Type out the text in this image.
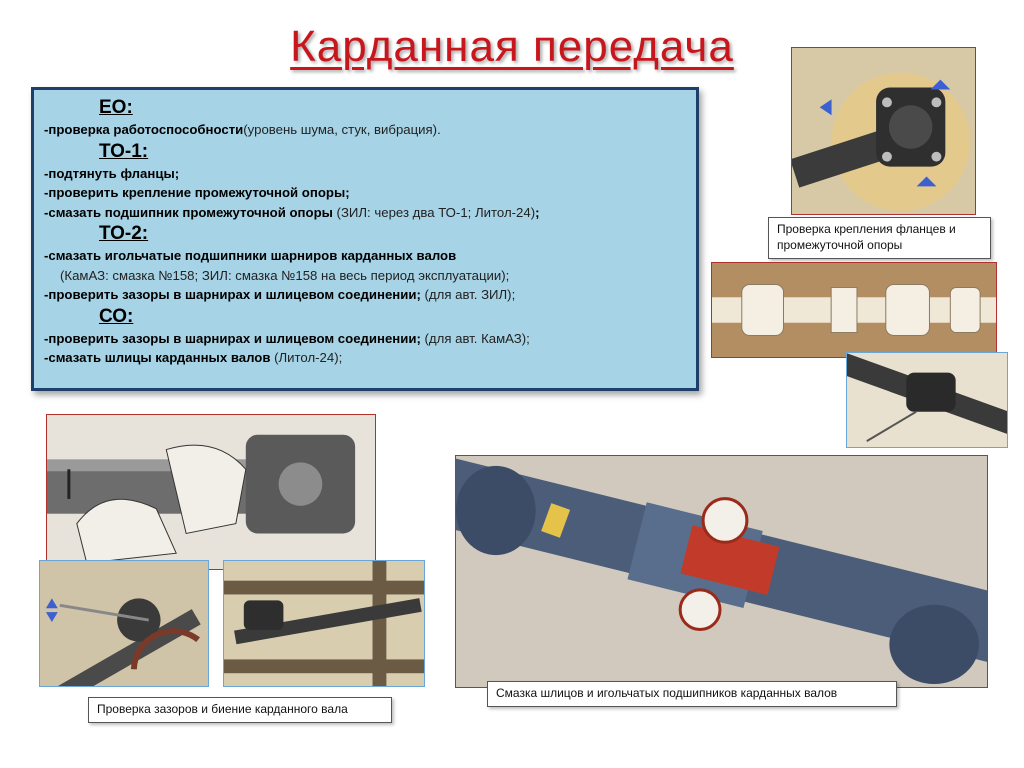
Карданная передача
ЕО:
-проверка работоспособности(уровень шума, стук, вибрация).
ТО-1:
-подтянуть фланцы;
-проверить крепление промежуточной опоры;
-смазать подшипник промежуточной опоры (ЗИЛ: через два ТО-1; Литол-24);
ТО-2:
-смазать игольчатые подшипники шарниров карданных валов
(КамАЗ: смазка №158; ЗИЛ: смазка №158 на весь период эксплуатации);
-проверить зазоры в шарнирах и шлицевом соединении; (для авт. ЗИЛ);
СО:
-проверить зазоры в шарнирах и шлицевом соединении; (для авт. КамАЗ);
-смазать шлицы карданных валов (Литол-24);
Проверка крепления фланцев и промежуточной опоры
Проверка зазоров и биение карданного вала
Смазка шлицов и игольчатых подшипников карданных валов
